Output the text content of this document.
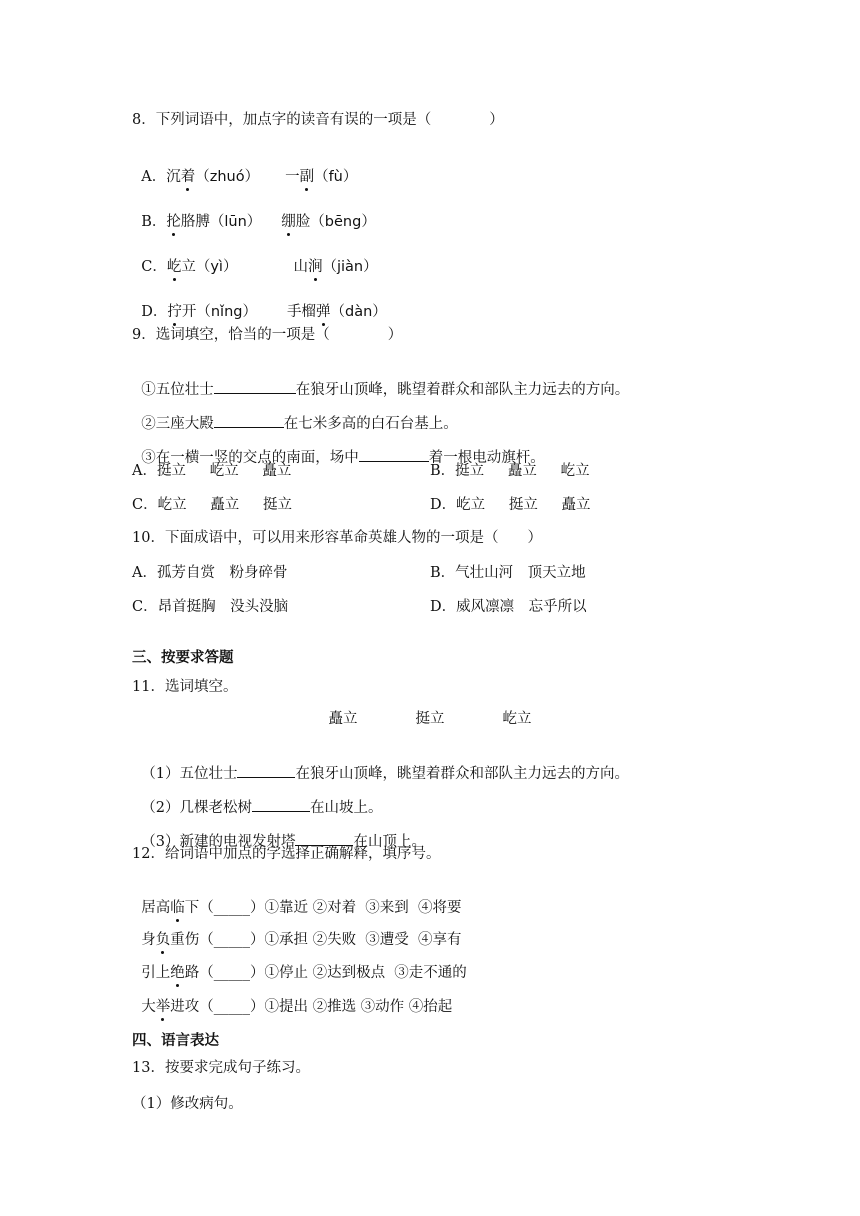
8．下列词语中，加点字的读音有误的一项是（　　　　）

A．沉着（zhuó） 一副（fù）

B．抡胳膊（lūn） 绷脸（bēng）

C．屹立（yì）	山涧（jiàn）

D．拧开（nǐng） 手榴弹（dàn）

9．选词填空，恰当的一项是（　　　　）

①五位壮士	在狼牙山顶峰，眺望着群众和部队主力远去的方向。

②三座大殿	在七米多高的白石台基上。

③在一横一竖的交点的南面，场中	着一根电动旗杆。

A．挺立　  屹立　  矗立	B．挺立　  矗立　  屹立
C．屹立　  矗立　  挺立	D．屹立　  挺立　  矗立
10．下面成语中，可以用来形容革命英雄人物的一项是（　　）
A．孤芳自赏　粉身碎骨	B．气壮山河　顶天立地
C．昂首挺胸　没头没脑	D．威风凛凛　忘乎所以
三、按要求答题
11．选词填空。
矗立　　　　挺立　　　　屹立

（1）五位壮士	在狼牙山顶峰，眺望着群众和部队主力远去的方向。

（2）几棵老松树	在山坡上。

（3）新建的电视发射塔	在山顶上。

12．给词语中加点的字选择正确解释，填序号。

居高临下（_____）①靠近 ②对着  ③来到  ④将要

身负重伤（_____）①承担 ②失败  ③遭受  ④享有

引上绝路（_____）①停止 ②达到极点  ③走不通的

大举进攻（_____）①提出 ②推选 ③动作 ④抬起

四、语言表达
13．按要求完成句子练习。
（1）修改病句。
